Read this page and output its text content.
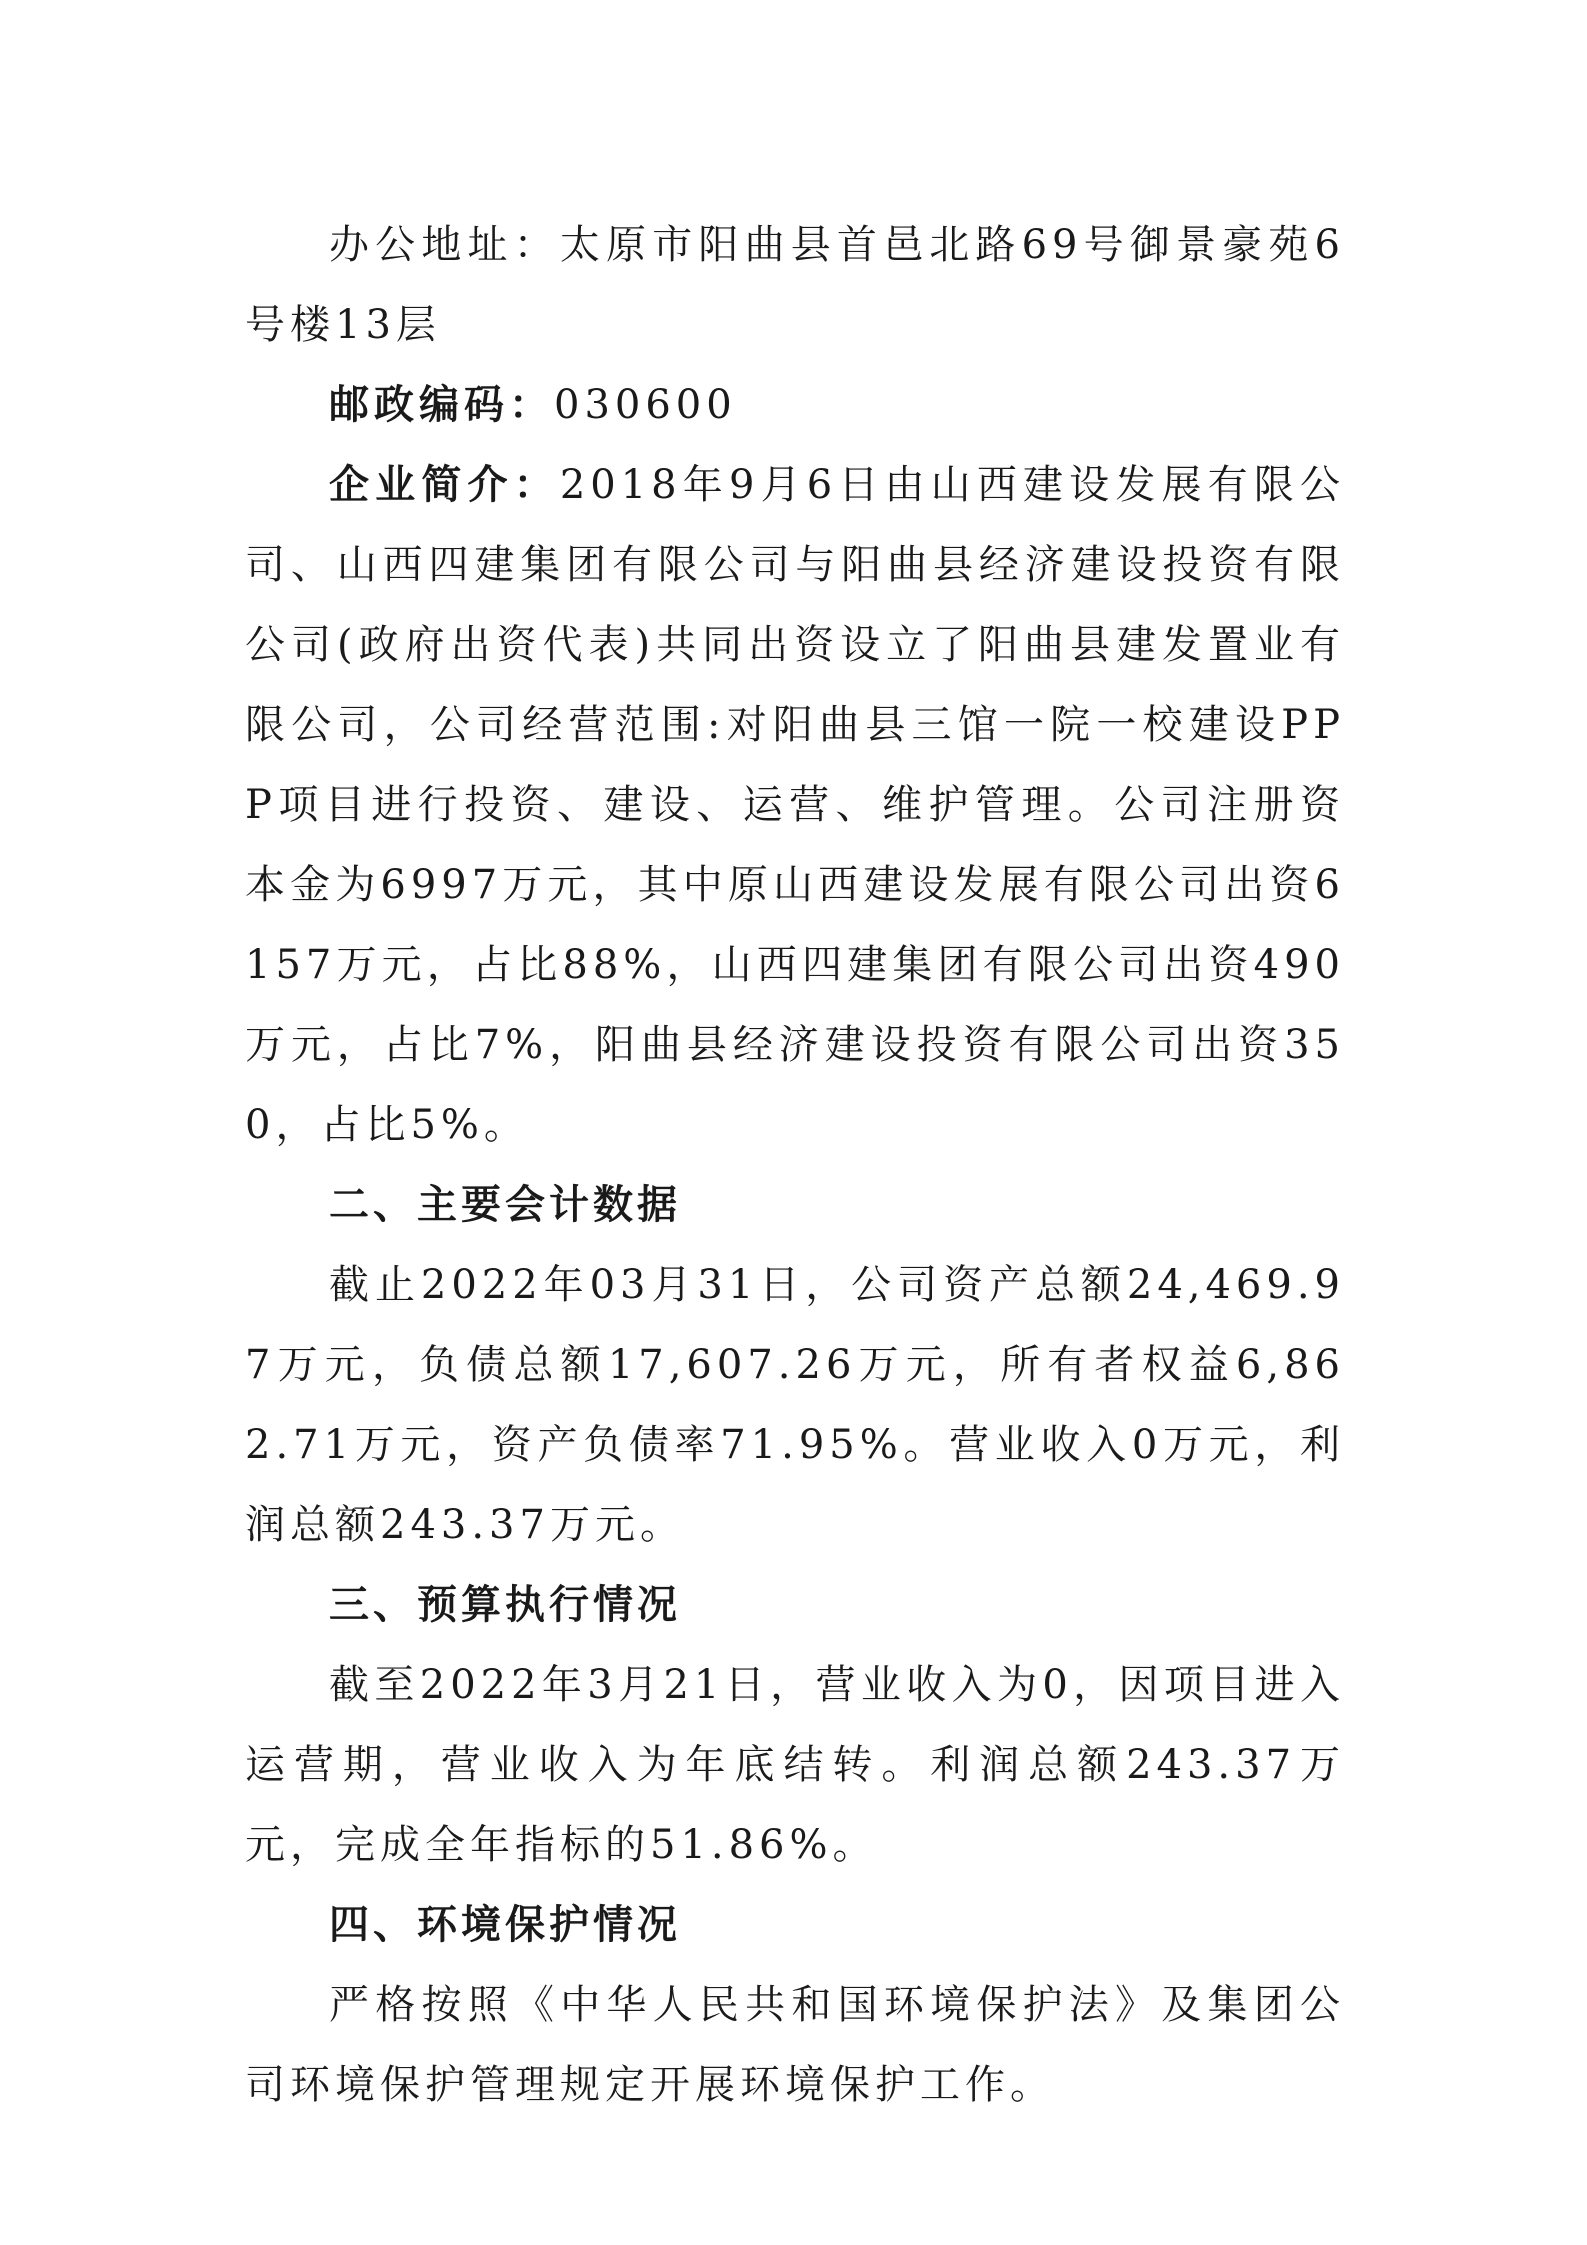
办公地址：太原市阳曲县首邑北路69号御景豪苑6号楼13层

邮政编码：030600

企业简介：2018年9月6日由山西建设发展有限公司、山西四建集团有限公司与阳曲县经济建设投资有限公司(政府出资代表)共同出资设立了阳曲县建发置业有限公司，公司经营范围:对阳曲县三馆一院一校建设PPP项目进行投资、建设、运营、维护管理。公司注册资本金为6997万元，其中原山西建设发展有限公司出资6157万元，占比88%，山西四建集团有限公司出资490万元，占比7%，阳曲县经济建设投资有限公司出资350，占比5%。

二、主要会计数据

截止2022年03月31日，公司资产总额24,469.97万元，负债总额17,607.26万元，所有者权益6,862.71万元，资产负债率71.95%。营业收入0万元，利润总额243.37万元。

三、预算执行情况

截至2022年3月21日，营业收入为0，因项目进入运营期，营业收入为年底结转。利润总额243.37万元，完成全年指标的51.86%。

四、环境保护情况

严格按照《中华人民共和国环境保护法》及集团公司环境保护管理规定开展环境保护工作。
